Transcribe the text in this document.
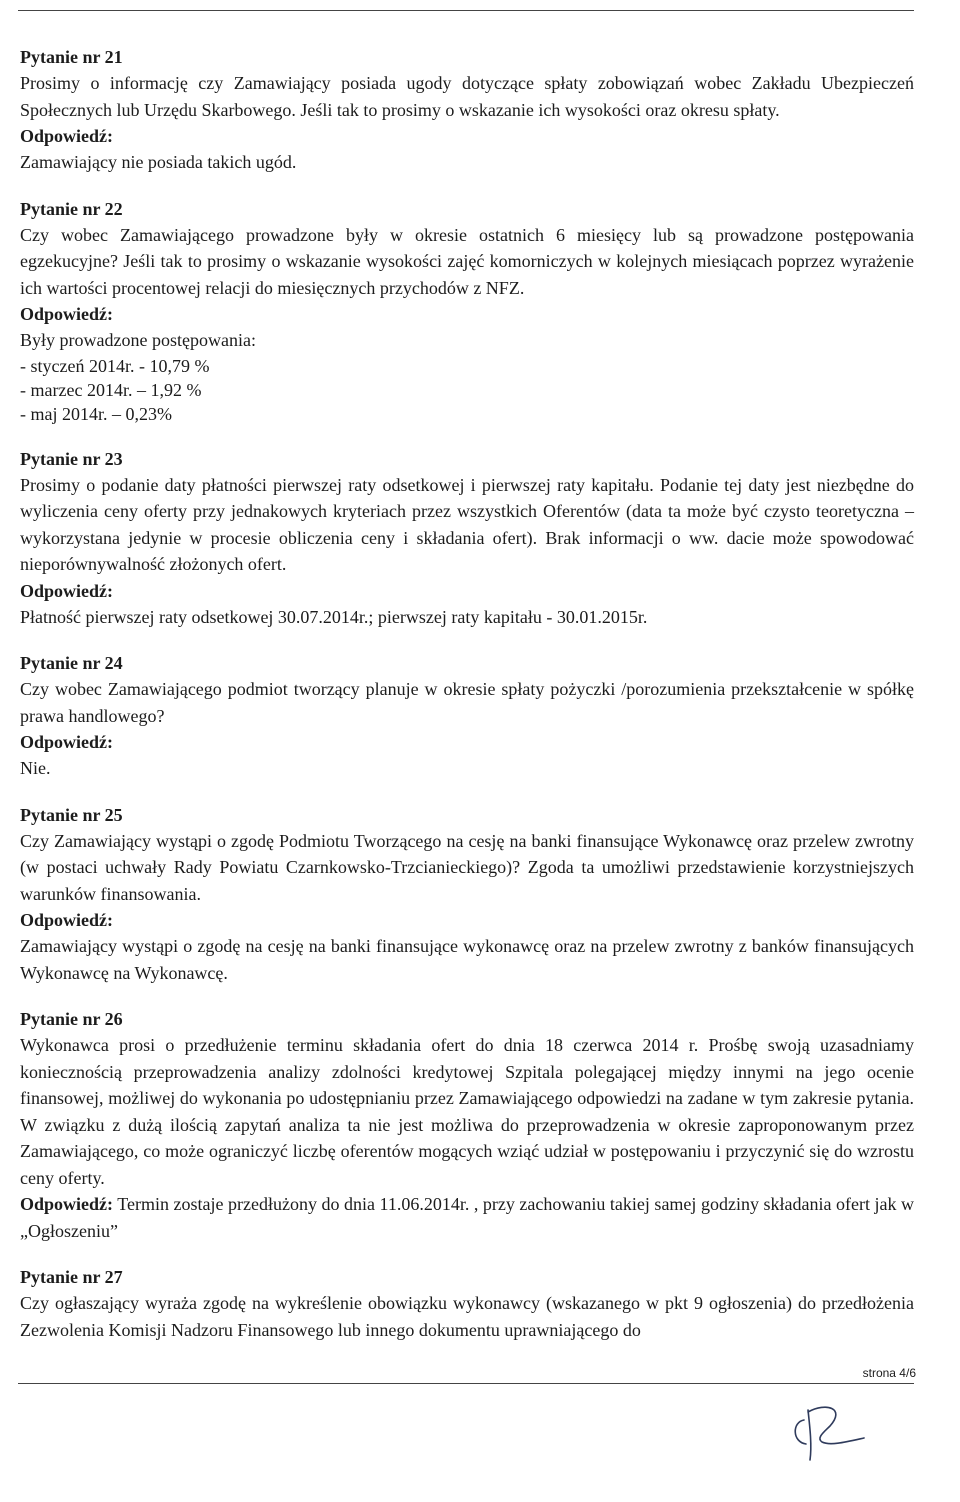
Pytanie nr 21

Prosimy o informację czy Zamawiający posiada ugody dotyczące spłaty zobowiązań wobec Zakładu Ubezpieczeń Społecznych lub Urzędu Skarbowego. Jeśli tak to prosimy o wskazanie ich wysokości oraz okresu spłaty.

Odpowiedź:

Zamawiający nie posiada takich ugód.

Pytanie nr 22

Czy wobec Zamawiającego prowadzone były w okresie ostatnich 6 miesięcy lub są prowadzone postępowania egzekucyjne? Jeśli tak to prosimy o wskazanie wysokości zajęć komorniczych w kolejnych miesiącach poprzez wyrażenie ich wartości procentowej relacji do miesięcznych przychodów z NFZ.

Odpowiedź:

Były prowadzone postępowania:

- styczeń 2014r. - 10,79 %
- marzec 2014r. – 1,92 %
- maj 2014r. – 0,23%

Pytanie nr 23

Prosimy o podanie daty płatności pierwszej raty odsetkowej i pierwszej raty kapitału. Podanie tej daty jest niezbędne do wyliczenia ceny oferty przy jednakowych kryteriach przez wszystkich Oferentów (data ta może być czysto teoretyczna – wykorzystana jedynie w procesie obliczenia ceny i składania ofert). Brak informacji o ww. dacie może spowodować nieporównywalność złożonych ofert.

Odpowiedź:

Płatność pierwszej raty odsetkowej 30.07.2014r.; pierwszej raty kapitału - 30.01.2015r.

Pytanie nr 24

Czy wobec Zamawiającego podmiot tworzący planuje w okresie spłaty pożyczki /porozumienia przekształcenie w spółkę prawa handlowego?

Odpowiedź:

Nie.

Pytanie nr 25

Czy Zamawiający wystąpi o zgodę Podmiotu Tworzącego na cesję na banki finansujące Wykonawcę oraz przelew zwrotny (w postaci uchwały Rady Powiatu Czarnkowsko-Trzcianieckiego)? Zgoda ta umożliwi przedstawienie korzystniejszych warunków finansowania.

Odpowiedź:

Zamawiający wystąpi o zgodę na cesję na banki finansujące wykonawcę oraz na przelew zwrotny z banków finansujących Wykonawcę na Wykonawcę.

Pytanie nr 26

Wykonawca prosi o przedłużenie terminu składania ofert do dnia 18 czerwca 2014 r. Prośbę swoją uzasadniamy koniecznością przeprowadzenia analizy zdolności kredytowej Szpitala polegającej między innymi na jego ocenie finansowej, możliwej do wykonania po udostępnianiu przez Zamawiającego odpowiedzi na zadane w tym zakresie pytania. W związku z dużą ilością zapytań analiza ta nie jest możliwa do przeprowadzenia w okresie zaproponowanym przez Zamawiającego, co może ograniczyć liczbę oferentów mogących wziąć udział w postępowaniu i przyczynić się do wzrostu ceny oferty.

Odpowiedź: Termin zostaje przedłużony do dnia 11.06.2014r. , przy zachowaniu takiej samej godziny składania ofert jak w „Ogłoszeniu”

Pytanie nr 27

Czy ogłaszający wyraża zgodę na wykreślenie obowiązku wykonawcy (wskazanego w pkt 9 ogłoszenia) do przedłożenia Zezwolenia Komisji Nadzoru Finansowego lub innego dokumentu uprawniającego do

strona 4/6
